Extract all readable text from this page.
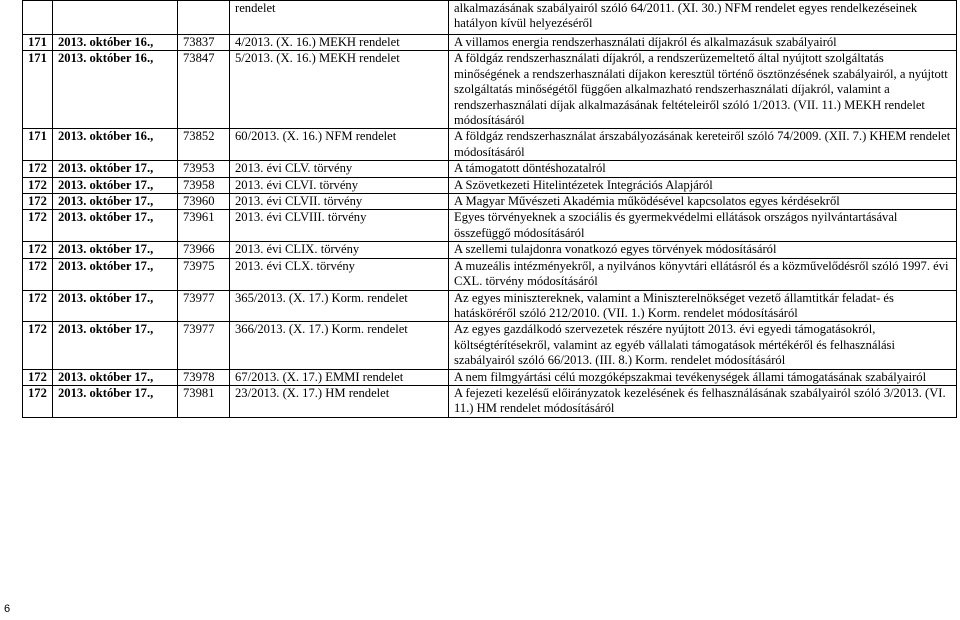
			rendelet	alkalmazásának szabályairól szóló 64/2011. (XI. 30.) NFM rendelet egyes rendelkezéseinek hatályon kívül helyezéséről
171	2013. október 16.,	73837	4/2013. (X. 16.) MEKH rendelet	A villamos energia rendszerhasználati díjakról és alkalmazásuk szabályairól
171	2013. október 16.,	73847	5/2013. (X. 16.) MEKH rendelet	A földgáz rendszerhasználati díjakról, a rendszerüzemeltető által nyújtott szolgáltatás minőségének a rendszerhasználati díjakon keresztül történő ösztönzésének szabályairól, a nyújtott szolgáltatás minőségétől függően alkalmazható rendszerhasználati díjakról, valamint a rendszerhasználati díjak alkalmazásának feltételeiről szóló 1/2013. (VII. 11.) MEKH rendelet módosításáról
171	2013. október 16.,	73852	60/2013. (X. 16.) NFM rendelet	A földgáz rendszerhasználat árszabályozásának kereteiről szóló 74/2009. (XII. 7.) KHEM rendelet módosításáról
172	2013. október 17.,	73953	2013. évi CLV. törvény	A támogatott döntéshozatalról
172	2013. október 17.,	73958	2013. évi CLVI. törvény	A Szövetkezeti Hitelintézetek Integrációs Alapjáról
172	2013. október 17.,	73960	2013. évi CLVII. törvény	A Magyar Művészeti Akadémia működésével kapcsolatos egyes kérdésekről
172	2013. október 17.,	73961	2013. évi CLVIII. törvény	Egyes törvényeknek a szociális és gyermekvédelmi ellátások országos nyilvántartásával összefüggő módosításáról
172	2013. október 17.,	73966	2013. évi CLIX. törvény	A szellemi tulajdonra vonatkozó egyes törvények módosításáról
172	2013. október 17.,	73975	2013. évi CLX. törvény	A muzeális intézményekről, a nyilvános könyvtári ellátásról és a közművelődésről szóló 1997. évi CXL. törvény módosításáról
172	2013. október 17.,	73977	365/2013. (X. 17.) Korm. rendelet	Az egyes minisztereknek, valamint a Miniszterelnökséget vezető államtitkár feladat- és hatásköréről szóló 212/2010. (VII. 1.) Korm. rendelet módosításáról
172	2013. október 17.,	73977	366/2013. (X. 17.) Korm. rendelet	Az egyes gazdálkodó szervezetek részére nyújtott 2013. évi egyedi támogatásokról, költségtérítésekről, valamint az egyéb vállalati támogatások mértékéről és felhasználási szabályairól szóló 66/2013. (III. 8.) Korm. rendelet módosításáról
172	2013. október 17.,	73978	67/2013. (X. 17.) EMMI rendelet	A nem filmgyártási célú mozgóképszakmai tevékenységek állami támogatásának szabályairól
172	2013. október 17.,	73981	23/2013. (X. 17.) HM rendelet	A fejezeti kezelésű előirányzatok kezelésének és felhasználásának szabályairól szóló 3/2013. (VI. 11.) HM rendelet módosításáról
6
